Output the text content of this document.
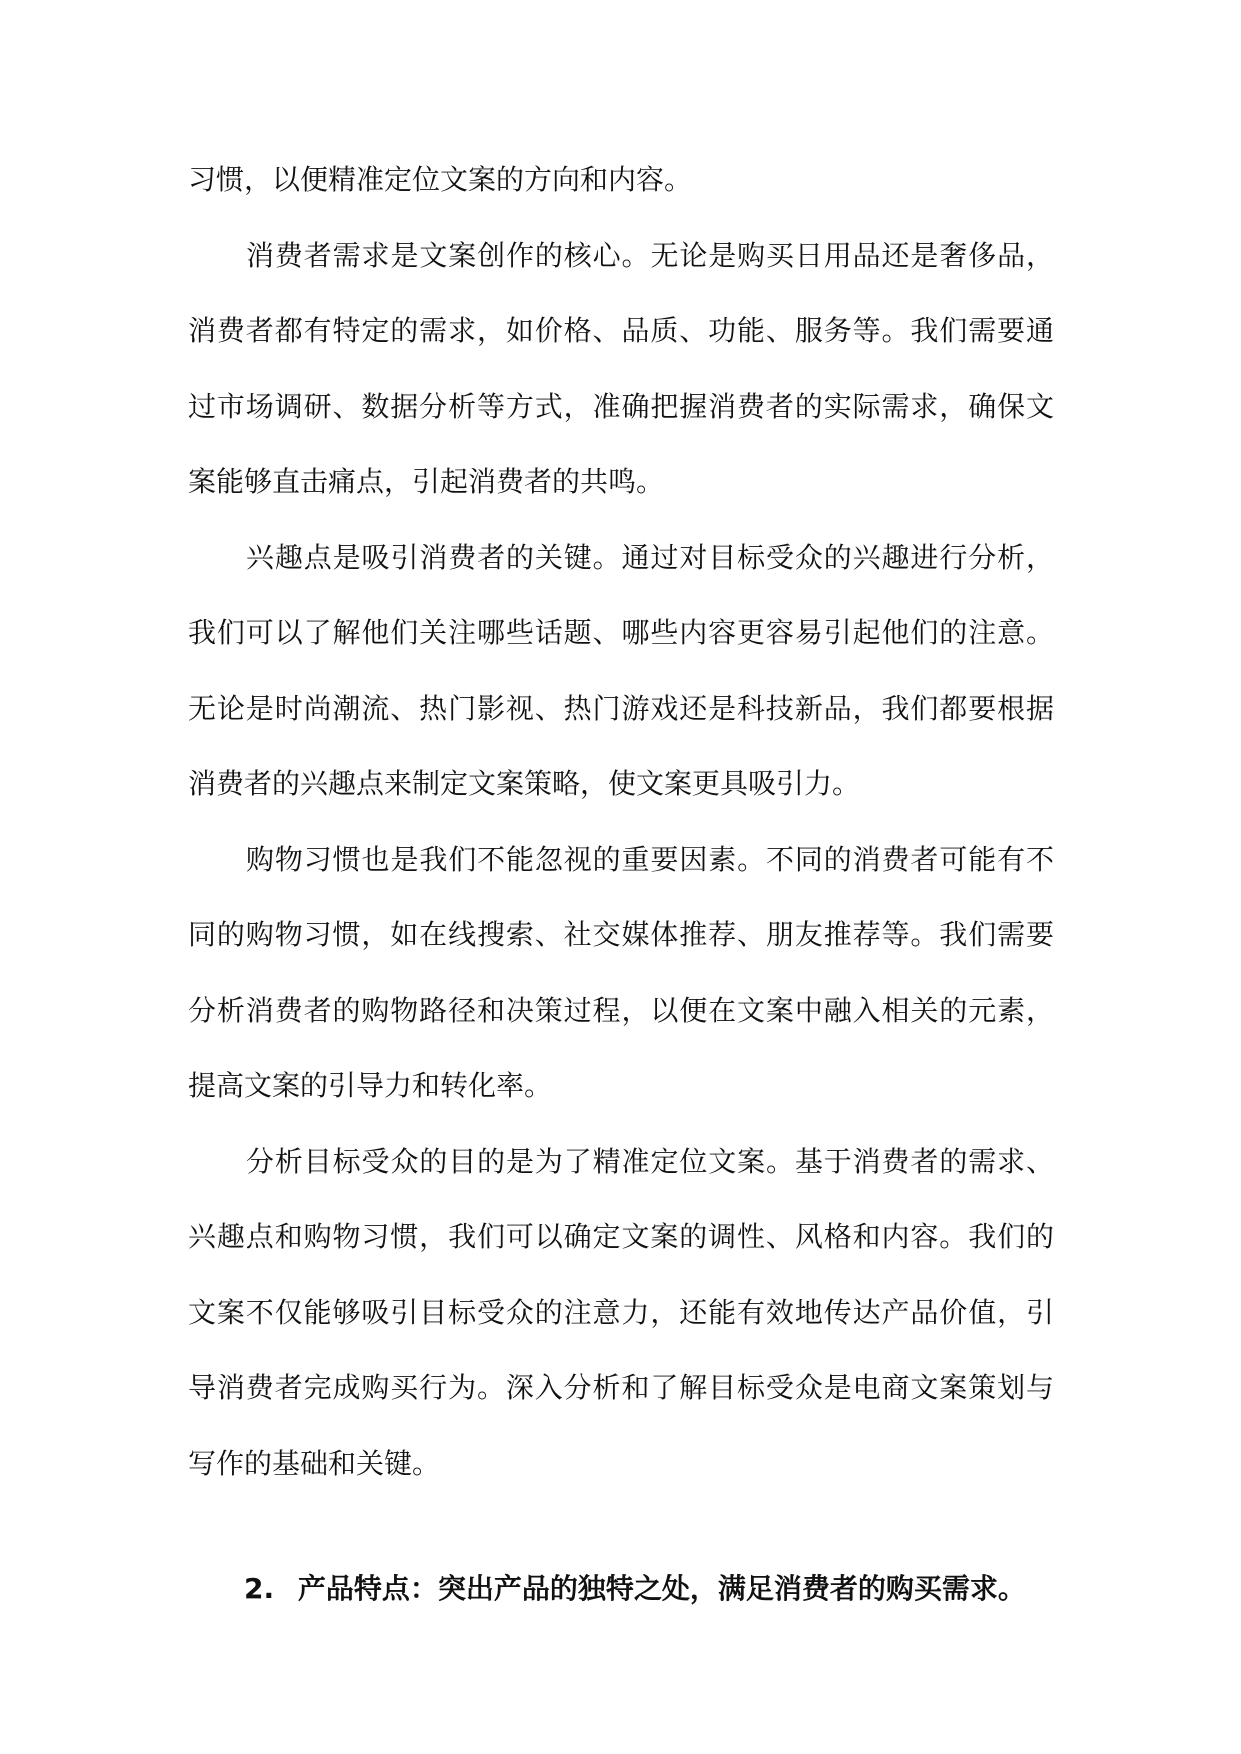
习惯，以便精准定位文案的方向和内容。

消费者需求是文案创作的核心。无论是购买日用品还是奢侈品，消费者都有特定的需求，如价格、品质、功能、服务等。我们需要通过市场调研、数据分析等方式，准确把握消费者的实际需求，确保文案能够直击痛点，引起消费者的共鸣。

兴趣点是吸引消费者的关键。通过对目标受众的兴趣进行分析，我们可以了解他们关注哪些话题、哪些内容更容易引起他们的注意。无论是时尚潮流、热门影视、热门游戏还是科技新品，我们都要根据消费者的兴趣点来制定文案策略，使文案更具吸引力。

购物习惯也是我们不能忽视的重要因素。不同的消费者可能有不同的购物习惯，如在线搜索、社交媒体推荐、朋友推荐等。我们需要分析消费者的购物路径和决策过程，以便在文案中融入相关的元素，提高文案的引导力和转化率。

分析目标受众的目的是为了精准定位文案。基于消费者的需求、兴趣点和购物习惯，我们可以确定文案的调性、风格和内容。我们的文案不仅能够吸引目标受众的注意力，还能有效地传达产品价值，引导消费者完成购买行为。深入分析和了解目标受众是电商文案策划与写作的基础和关键。

2. 产品特点：突出产品的独特之处，满足消费者的购买需求。
